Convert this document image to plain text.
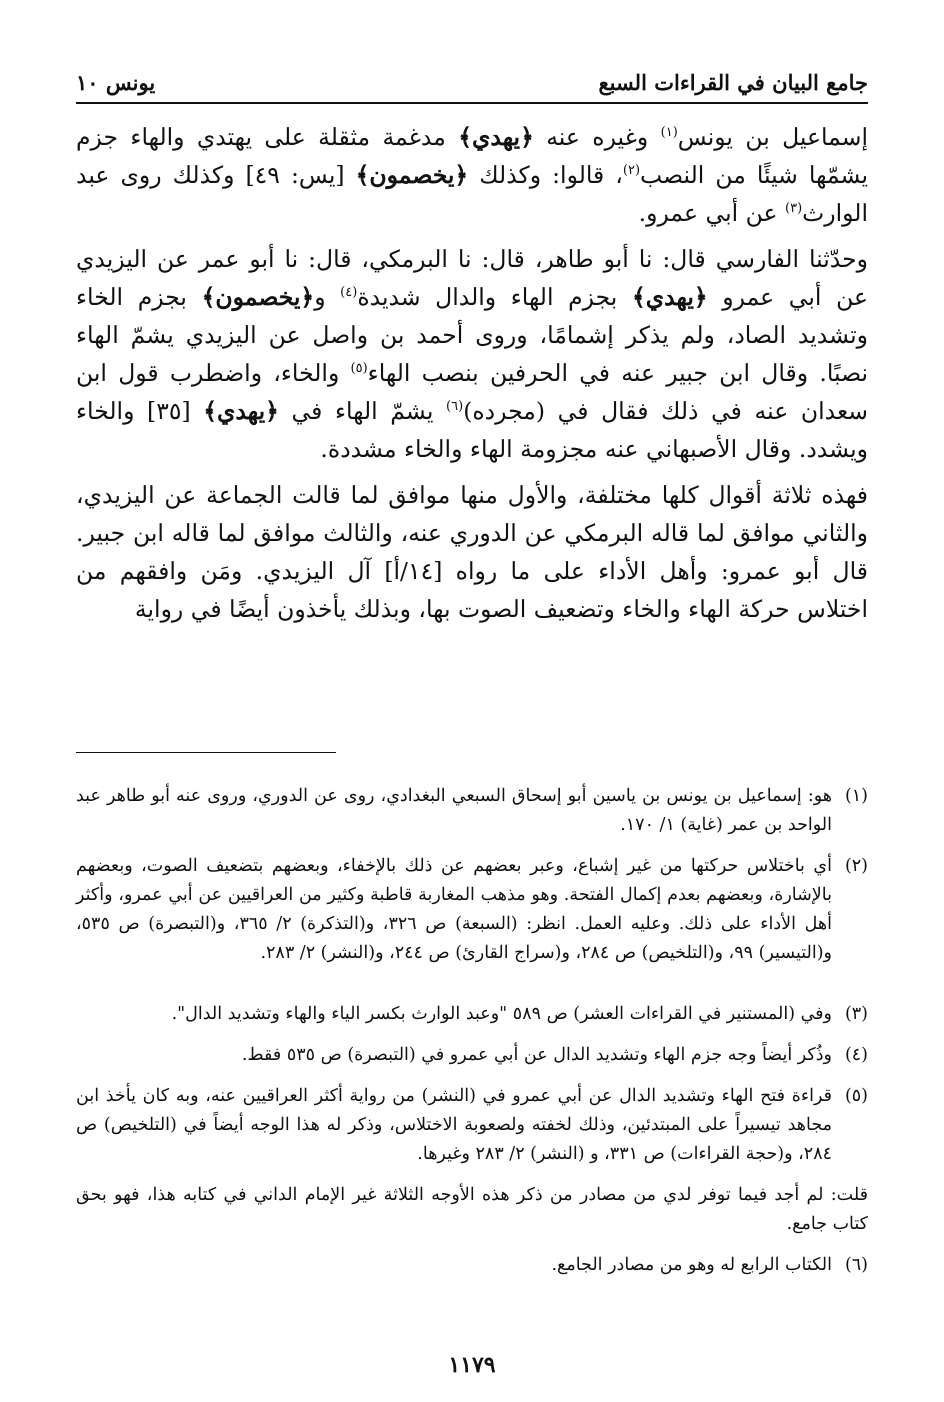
جامع البيان في القراءات السبع
يونس ١٠

إسماعيل بن يونس$^{(١)}$ وغيره عنه ﴿يهدي﴾ مدغمة مثقلة على يهتدي والهاء جزم يشمّها شيئًا من النصب$^{(٢)}$، قالوا: وكذلك ﴿يخصمون﴾ [يس: ٤٩] وكذلك روى عبد الوارث$^{(٣)}$ عن أبي عمرو.

وحدّثنا الفارسي قال: نا أبو طاهر، قال: نا البرمكي، قال: نا أبو عمر عن اليزيدي عن أبي عمرو ﴿يهدي﴾ بجزم الهاء والدال شديدة$^{(٤)}$ و﴿يخصمون﴾ بجزم الخاء وتشديد الصاد، ولم يذكر إشمامًا، وروى أحمد بن واصل عن اليزيدي يشمّ الهاء نصبًا. وقال ابن جبير عنه في الحرفين بنصب الهاء$^{(٥)}$ والخاء، واضطرب قول ابن سعدان عنه في ذلك فقال في (مجرده)$^{(٦)}$ يشمّ الهاء في ﴿يهدي﴾ [٣٥] والخاء ويشدد. وقال الأصبهاني عنه مجزومة الهاء والخاء مشددة.

فهذه ثلاثة أقوال كلها مختلفة، والأول منها موافق لما قالت الجماعة عن اليزيدي، والثاني موافق لما قاله البرمكي عن الدوري عنه، والثالث موافق لما قاله ابن جبير. قال أبو عمرو: وأهل الأداء على ما رواه [١٤/أ] آل اليزيدي. ومَن وافقهم من اختلاس حركة الهاء والخاء وتضعيف الصوت بها، وبذلك يأخذون أيضًا في رواية

(١)
هو: إسماعيل بن يونس بن ياسين أبو إسحاق السبعي البغدادي، روى عن الدوري، وروى عنه أبو طاهر عبد الواحد بن عمر (غاية) ١/ ١٧٠.
(٢)
أي باختلاس حركتها من غير إشباع، وعبر بعضهم عن ذلك بالإخفاء، وبعضهم بتضعيف الصوت، وبعضهم بالإشارة، وبعضهم بعدم إكمال الفتحة. وهو مذهب المغاربة قاطبة وكثير من العراقيين عن أبي عمرو، وأكثر أهل الأداء على ذلك. وعليه العمل. انظر: (السبعة) ص ٣٢٦، و(التذكرة) ٢/ ٣٦٥، و(التبصرة) ص ٥٣٥، و(التيسير) ٩٩، و(التلخيص) ص ٢٨٤، و(سراج القارئ) ص ٢٤٤، و(النشر) ٢/ ٢٨٣.
(٣)
وفي (المستنير في القراءات العشر) ص ٥٨٩ "وعبد الوارث بكسر الياء والهاء وتشديد الدال".
(٤)
وذُكر أيضاً وجه جزم الهاء وتشديد الدال عن أبي عمرو في (التبصرة) ص ٥٣٥ فقط.
(٥)
قراءة فتح الهاء وتشديد الدال عن أبي عمرو في (النشر) من رواية أكثر العراقيين عنه، وبه كان يأخذ ابن مجاهد تيسيراً على المبتدئين، وذلك لخفته ولصعوبة الاختلاس، وذكر له هذا الوجه أيضاً في (التلخيص) ص ٢٨٤، و(حجة القراءات) ص ٣٣١، و (النشر) ٢/ ٢٨٣ وغيرها.
قلت: لم أجد فيما توفر لدي من مصادر من ذكر هذه الأوجه الثلاثة غير الإمام الداني في كتابه هذا، فهو بحق كتاب جامع.
(٦)
الكتاب الرابع له وهو من مصادر الجامع.
١١٧٩
